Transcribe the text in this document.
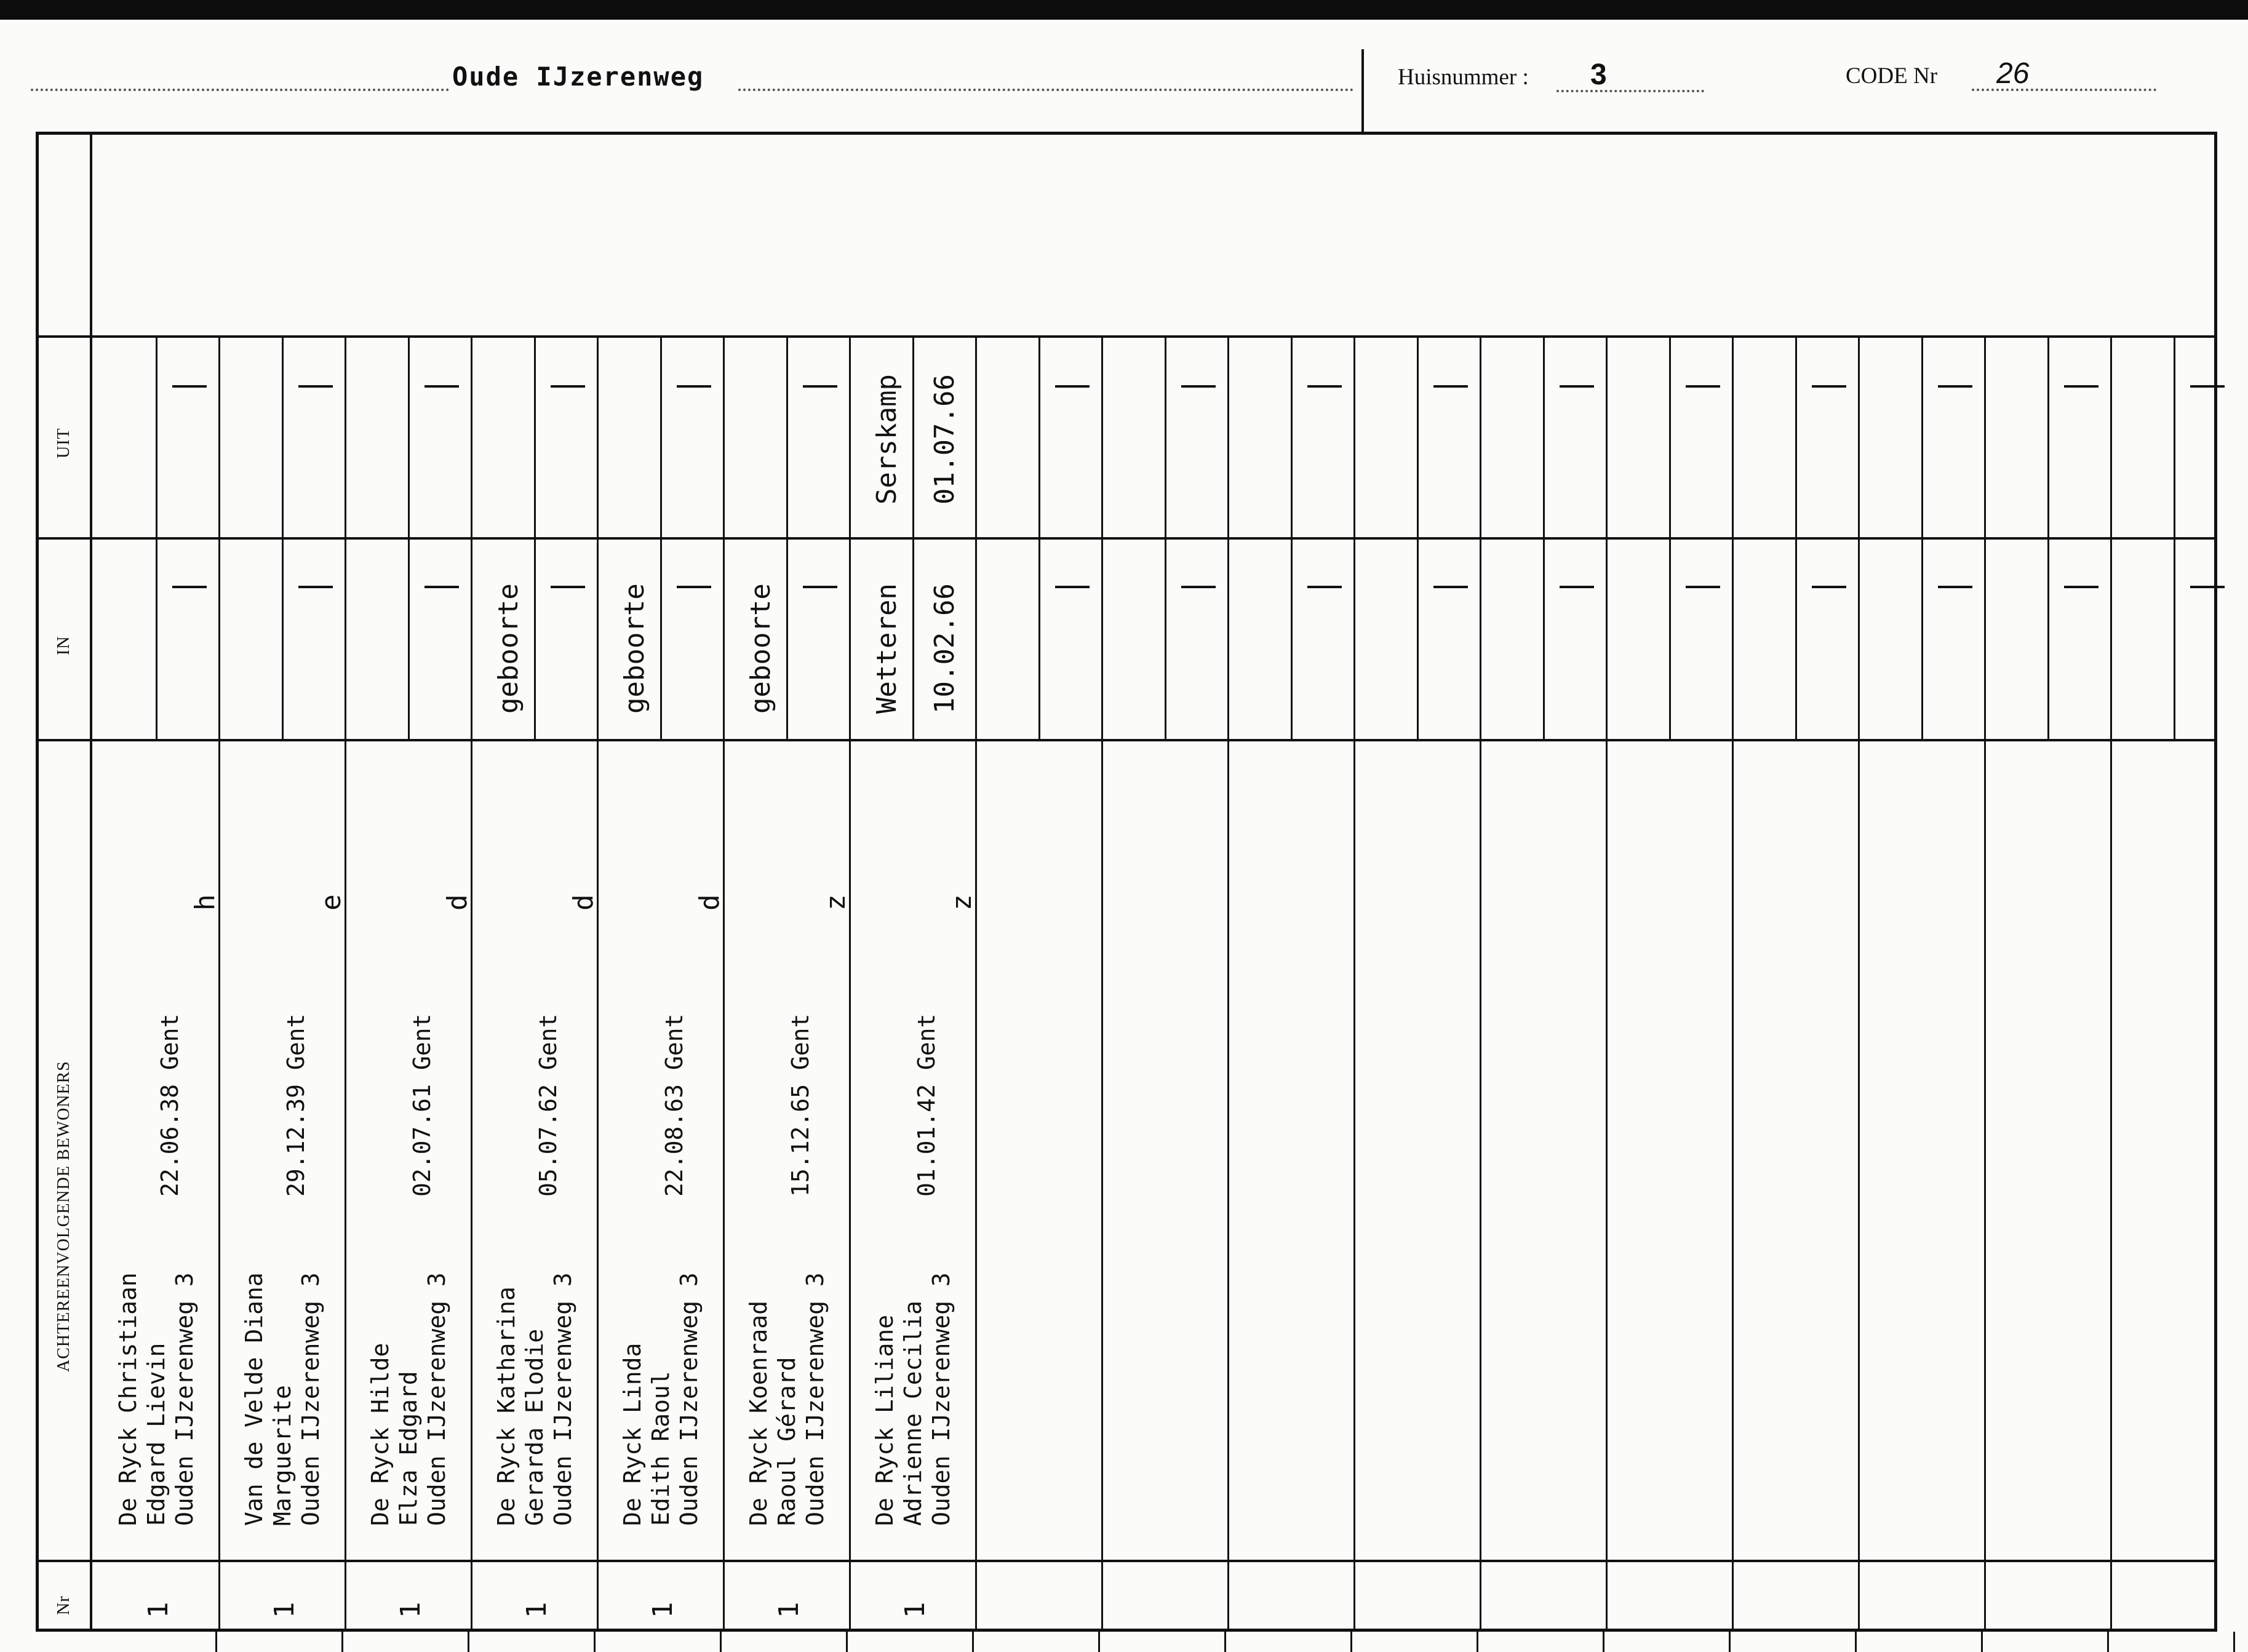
Oude IJzerenweg	Huisnummer : 3	CODE Nr 26
UIT
IN
ACHTEREENVOLGENDE BEWONERS
Nr
De Ryck Christiaan Edgard Lievin Ouden IJzerenweg 3
22.06.38 Gent
h
1
Van de Velde Diana Marguerite Ouden IJzerenweg 3
29.12.39 Gent
e
1
De Ryck Hilde Elza Edgard Ouden IJzerenweg 3
02.07.61 Gent
d
1
De Ryck Katharina Gerarda Elodie Ouden IJzerenweg 3
05.07.62 Gent
d
1
geboorte
De Ryck Linda Edith Raoul Ouden IJzerenweg 3
22.08.63 Gent
d
1
geboorte
De Ryck Koenraad Raoul Gérard Ouden IJzerenweg 3
15.12.65 Gent
z
1
geboorte
De Ryck Liliane Adrienne Cecilia Ouden IJzerenweg 3
01.01.42 Gent
z
1
Wetteren 10.02.66
Serskamp 01.07.66
